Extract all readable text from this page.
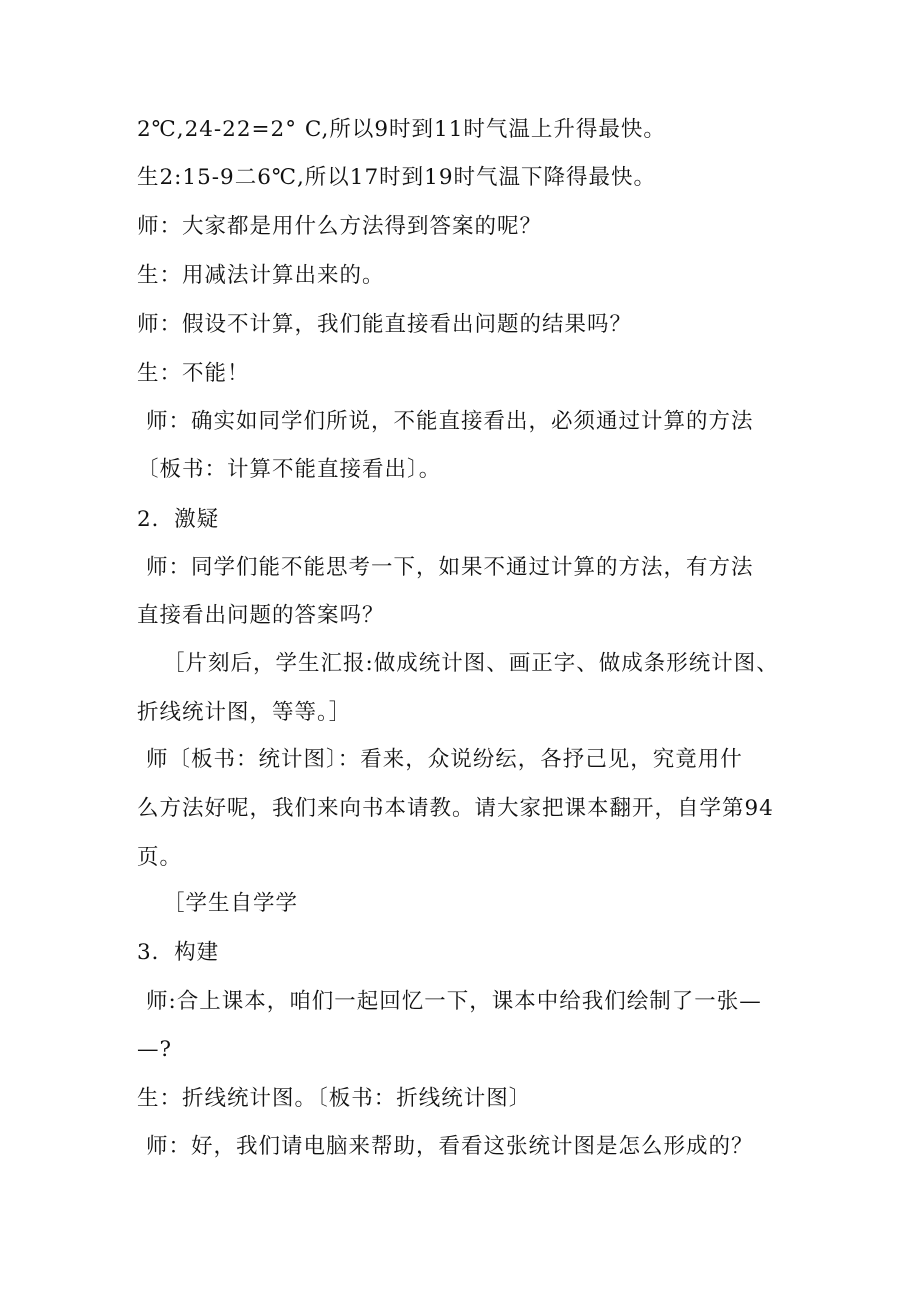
2℃,24-22=2° C,所以9时到11时气温上升得最快。
生2:15-9二6℃,所以17时到19时气温下降得最快。
师：大家都是用什么方法得到答案的呢？
生：用减法计算出来的。
师：假设不计算，我们能直接看出问题的结果吗？
生：不能！
师：确实如同学们所说，不能直接看出，必须通过计算的方法
〔板书：计算不能直接看出〕。
2．激疑
师：同学们能不能思考一下，如果不通过计算的方法，有方法
直接看出问题的答案吗？
［片刻后，学生汇报:做成统计图、画正字、做成条形统计图、
折线统计图，等等。］
师〔板书：统计图〕：看来，众说纷纭，各抒己见，究竟用什
么方法好呢，我们来向书本请教。请大家把课本翻开，自学第94
页。
［学生自学学
3．构建
师:合上课本，咱们一起回忆一下，课本中给我们绘制了一张—
—?
生：折线统计图。〔板书：折线统计图〕
师：好，我们请电脑来帮助，看看这张统计图是怎么形成的？
